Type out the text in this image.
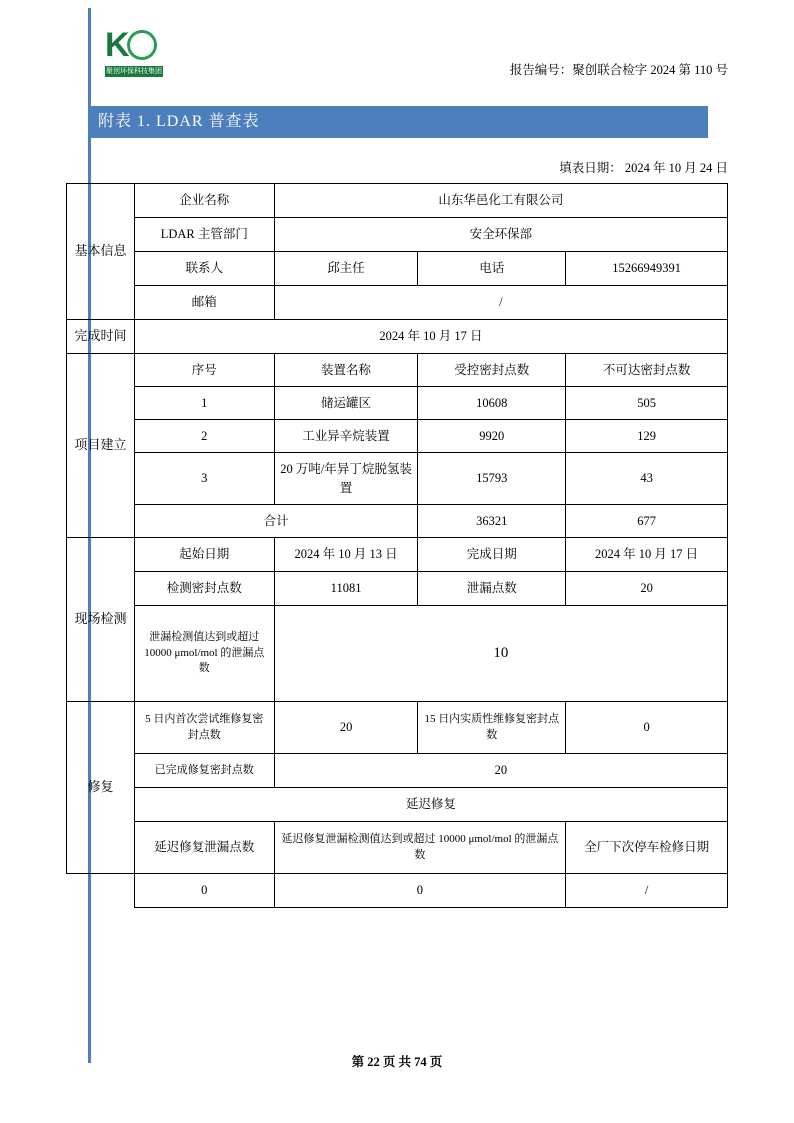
K
聚创环保科技集团	报告编号：聚创联合检字 2024 第 110 号
附表 1. LDAR 普查表
填表日期： 2024 年 10 月 24 日
基本信息	企业名称	山东华邑化工有限公司		
	LDAR 主管部门	安全环保部		
	联系人	邱主任	电话	15266949391
	邮箱	/		
完成时间	2024 年 10 月 17 日			
项目建立	序号	装置名称	受控密封点数	不可达密封点数
	1	储运罐区	10608	505
	2	工业异辛烷装置	9920	129
	3	20 万吨/年异丁烷脱氢装置	15793	43
	合计		36321	677
现场检测	起始日期	2024 年 10 月 13 日	完成日期	2024 年 10 月 17 日
	检测密封点数	11081	泄漏点数	20
	泄漏检测值达到或超过 10000 μmol/mol 的泄漏点数	10		
修复	5 日内首次尝试维修复密封点数	20	15 日内实质性维修复密封点数	0
	已完成修复密封点数	20		
	延迟修复			
	延迟修复泄漏点数	延迟修复泄漏检测值达到或超过 10000 μmol/mol 的泄漏点数		全厂下次停车检修日期
	0	0		/
第 22 页 共 74 页
